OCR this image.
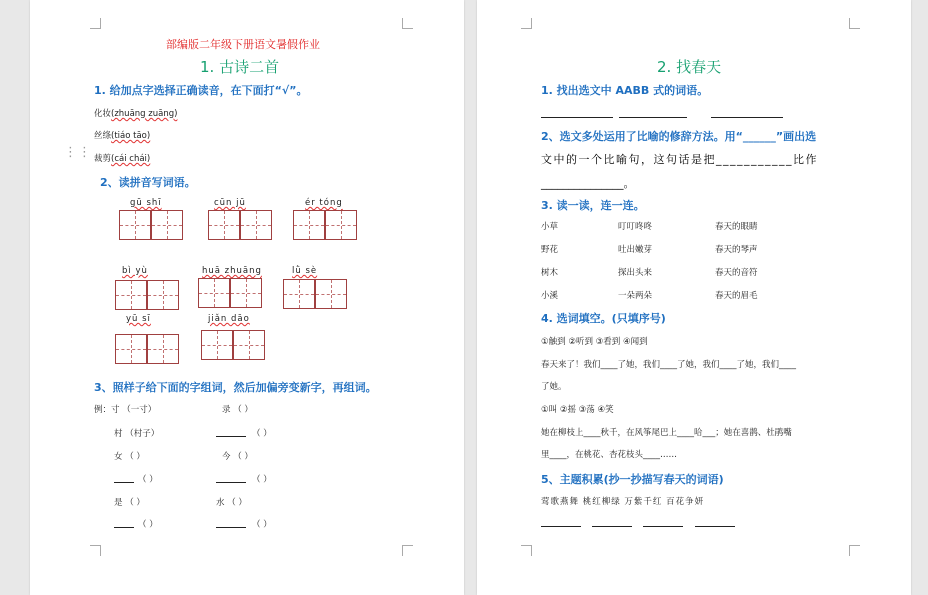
部编版二年级下册语文暑假作业
1. 古诗二首
1. 给加点字选择正确读音，在下面打“√”。
化妆(zhuāng zuāng)
丝绦(tiáo tāo)
裁剪(cái chái)
2、读拼音写词语。
gū shī	cūn jū	ér tóng
bì yù	huā zhuāng	lǜ sè
yū sī	jiǎn dāo
3、照样子给下面的字组词，然后加偏旁变新字，再组词。
例：寸 （一寸）	录 （ ）
村 （村子）	（ ）
女 （ ）	今 （ ）
（ ）	（ ）
是 （ ）	水 （ ）
（ ）	（ ）
⋮⋮
2. 找春天
1. 找出选文中 AABB 式的词语。
2、选文多处运用了比喻的修辞方法。用“______”画出选
文中的一个比喻句，这句话是把___________比作
_______________。
3. 读一读，连一连。
小草	叮叮咚咚	春天的眼睛
野花	吐出嫩芽	春天的琴声
树木	探出头来	春天的音符
小溪	一朵两朵	春天的眉毛
4. 选词填空。(只填序号)
①触到 ②听到 ③看到 ④闻到
春天来了！我们____了她，我们____了她，我们____了她，我们____
了她。
①叫 ②摇 ③荡 ④笑
她在柳枝上____秋千，在风筝尾巴上____哈___；她在喜鹊、杜鹃嘴
里____，在桃花、杏花枝头____……
5、主题积累(抄一抄描写春天的词语)
莺歌燕舞 桃红柳绿 万紫千红 百花争妍
